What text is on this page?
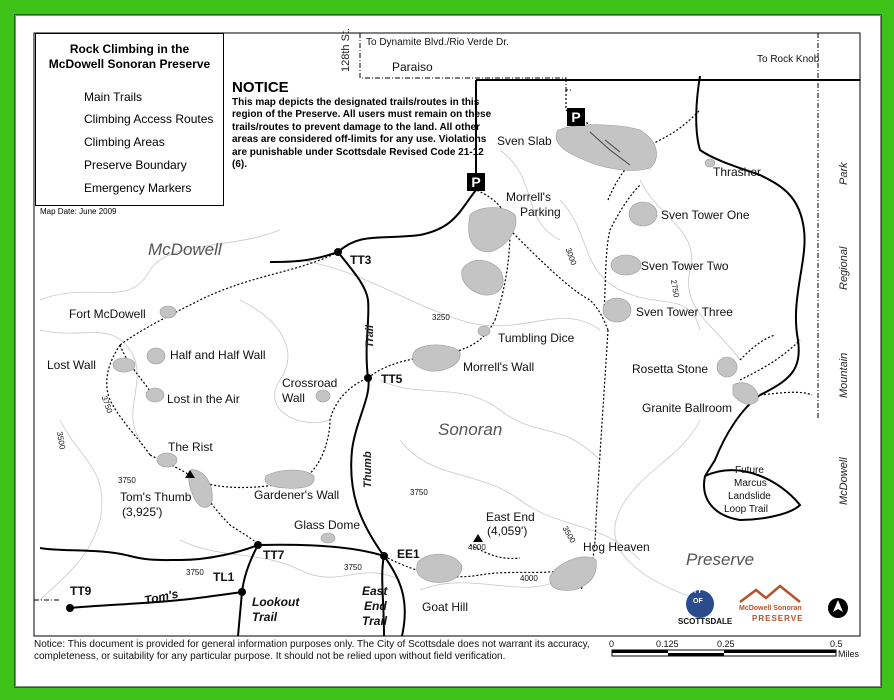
Rock Climbing in the
McDowell Sonoran Preserve
Main Trails
Climbing Access Routes
Climbing Areas
Preserve Boundary
Emergency Markers
Map Date: June 2009
NOTICE
This map depicts the designated trails/routes in this region of the Preserve. All users must remain on these trails/routes to prevent damage to the land. All other areas are considered off-limits for any use. Violations are punishable under Scottsdale Revised Code 21-12 (6).
P
P
128th St. To Dynamite Blvd./Rio Verde Dr.
Paraiso
To Rock Knob
Sven Slab
Thrasher
Morrell's
Parking	Sven Tower One
Sven Tower Two
Sven Tower Three
Tumbling Dice
Morrell's Wall	Rosetta Stone
Granite Ballroom
Fort McDowell
Half and Half Wall
Lost Wall
Lost in the Air
Crossroad
Wall
The Rist
Tom's Thumb
(3,925')
Gardener's Wall
Glass Dome
East End
(4,059')
Hog Heaven
Goat Hill
TT3
TT5
TT7
TT9
TL1
EE1
Thumb
Trail
Tom's	Lookout
Trail
East
End
Trail
Future
Marcus
Landslide
Loop Trail
McDowell
Sonoran
Preserve
Park
Regional
Mountain
McDowell
3000
2750
3250
3750
3500
3750
3750
3750
3500
4000
4000
3750
CITY
OF
SCOTTSDALE
McDowell Sonoran
PRESERVE
0	0.125	0.25	0.5
Miles
Notice: This document is provided for general information purposes only. The City of Scottsdale does not warrant its accuracy, completeness, or suitability for any particular purpose. It should not be relied upon without field verification.
